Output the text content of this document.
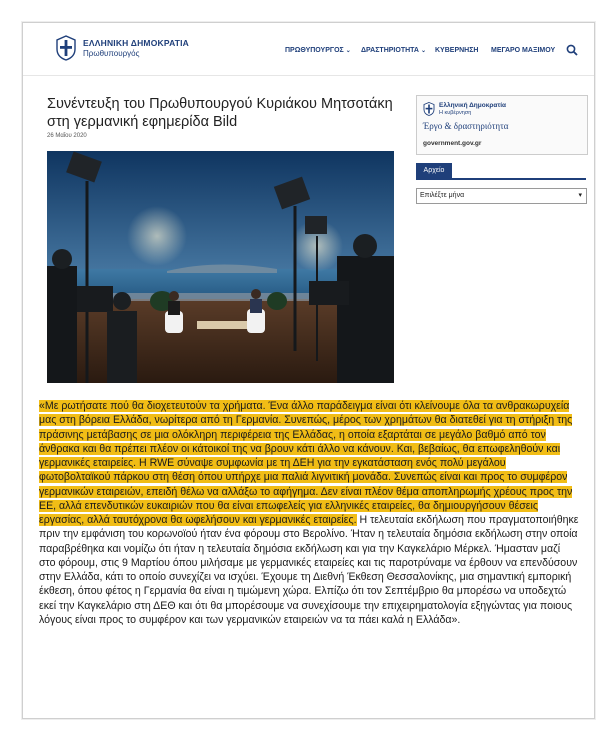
ΕΛΛΗΝΙΚΗ ΔΗΜΟΚΡΑΤΙΑ
Πρωθυπουργός	ΠΡΩΘΥΠΟΥΡΓΟΣ ⌄ ΔΡΑΣΤΗΡΙΟΤΗΤΑ ⌄ ΚΥΒΕΡΝΗΣΗ ΜΕΓΑΡΟ ΜΑΞΙΜΟΥ
Συνέντευξη του Πρωθυπουργού Κυριάκου Μητσοτάκη στη γερμανική εφημερίδα Bild
26 Μαΐου 2020
Ελληνική Δημοκρατία
Η κυβέρνηση
Έργο & δραστηριότητα
government.gov.gr
Αρχείο
Επιλέξτε μήνα	▾
«Με ρωτήσατε πού θα διοχετευτούν τα χρήματα. Ένα άλλο παράδειγμα είναι ότι κλείνουμε όλα τα ανθρακωρυχεία μας στη βόρεια Ελλάδα, νωρίτερα από τη Γερμανία. Συνεπώς, μέρος των χρημάτων θα διατεθεί για τη στήριξη της πράσινης μετάβασης σε μια ολόκληρη περιφέρεια της Ελλάδας, η οποία εξαρτάται σε μεγάλο βαθμό από τον άνθρακα και θα πρέπει πλέον οι κάτοικοί της να βρουν κάτι άλλο να κάνουν. Και, βεβαίως, θα επωφεληθούν και γερμανικές εταιρείες. Η RWE σύναψε συμφωνία με τη ΔΕΗ για την εγκατάσταση ενός πολύ μεγάλου φωτοβολταϊκού πάρκου στη θέση όπου υπήρχε μια παλιά λιγνιτική μονάδα. Συνεπώς είναι και προς το συμφέρον γερμανικών εταιρειών, επειδή θέλω να αλλάξω το αφήγημα. Δεν είναι πλέον θέμα αποπληρωμής χρέους προς την ΕΕ, αλλά επενδυτικών ευκαιριών που θα είναι επωφελείς για ελληνικές εταιρείες, θα δημιουργήσουν θέσεις εργασίας, αλλά ταυτόχρονα θα ωφελήσουν και γερμανικές εταιρείες. Η τελευταία εκδήλωση που πραγματοποιήθηκε πριν την εμφάνιση του κορωνοϊού ήταν ένα φόρουμ στο Βερολίνο. Ήταν η τελευταία δημόσια εκδήλωση στην οποία παραβρέθηκα και νομίζω ότι ήταν η τελευταία δημόσια εκδήλωση και για την Καγκελάριο Μέρκελ. Ήμασταν μαζί στο φόρουμ, στις 9 Μαρτίου όπου μιλήσαμε με γερμανικές εταιρείες και τις παροτρύναμε να έρθουν να επενδύσουν στην Ελλάδα, κάτι το οποίο συνεχίζει να ισχύει. Έχουμε τη Διεθνή Έκθεση Θεσσαλονίκης, μια σημαντική εμπορική έκθεση, όπου φέτος η Γερμανία θα είναι η τιμώμενη χώρα. Ελπίζω ότι τον Σεπτέμβριο θα μπορέσω να υποδεχτώ εκεί την Καγκελάριο στη ΔΕΘ και ότι θα μπορέσουμε να συνεχίσουμε την επιχειρηματολογία εξηγώντας για ποιους λόγους είναι προς το συμφέρον και των γερμανικών εταιρειών να τα πάει καλά η Ελλάδα».
